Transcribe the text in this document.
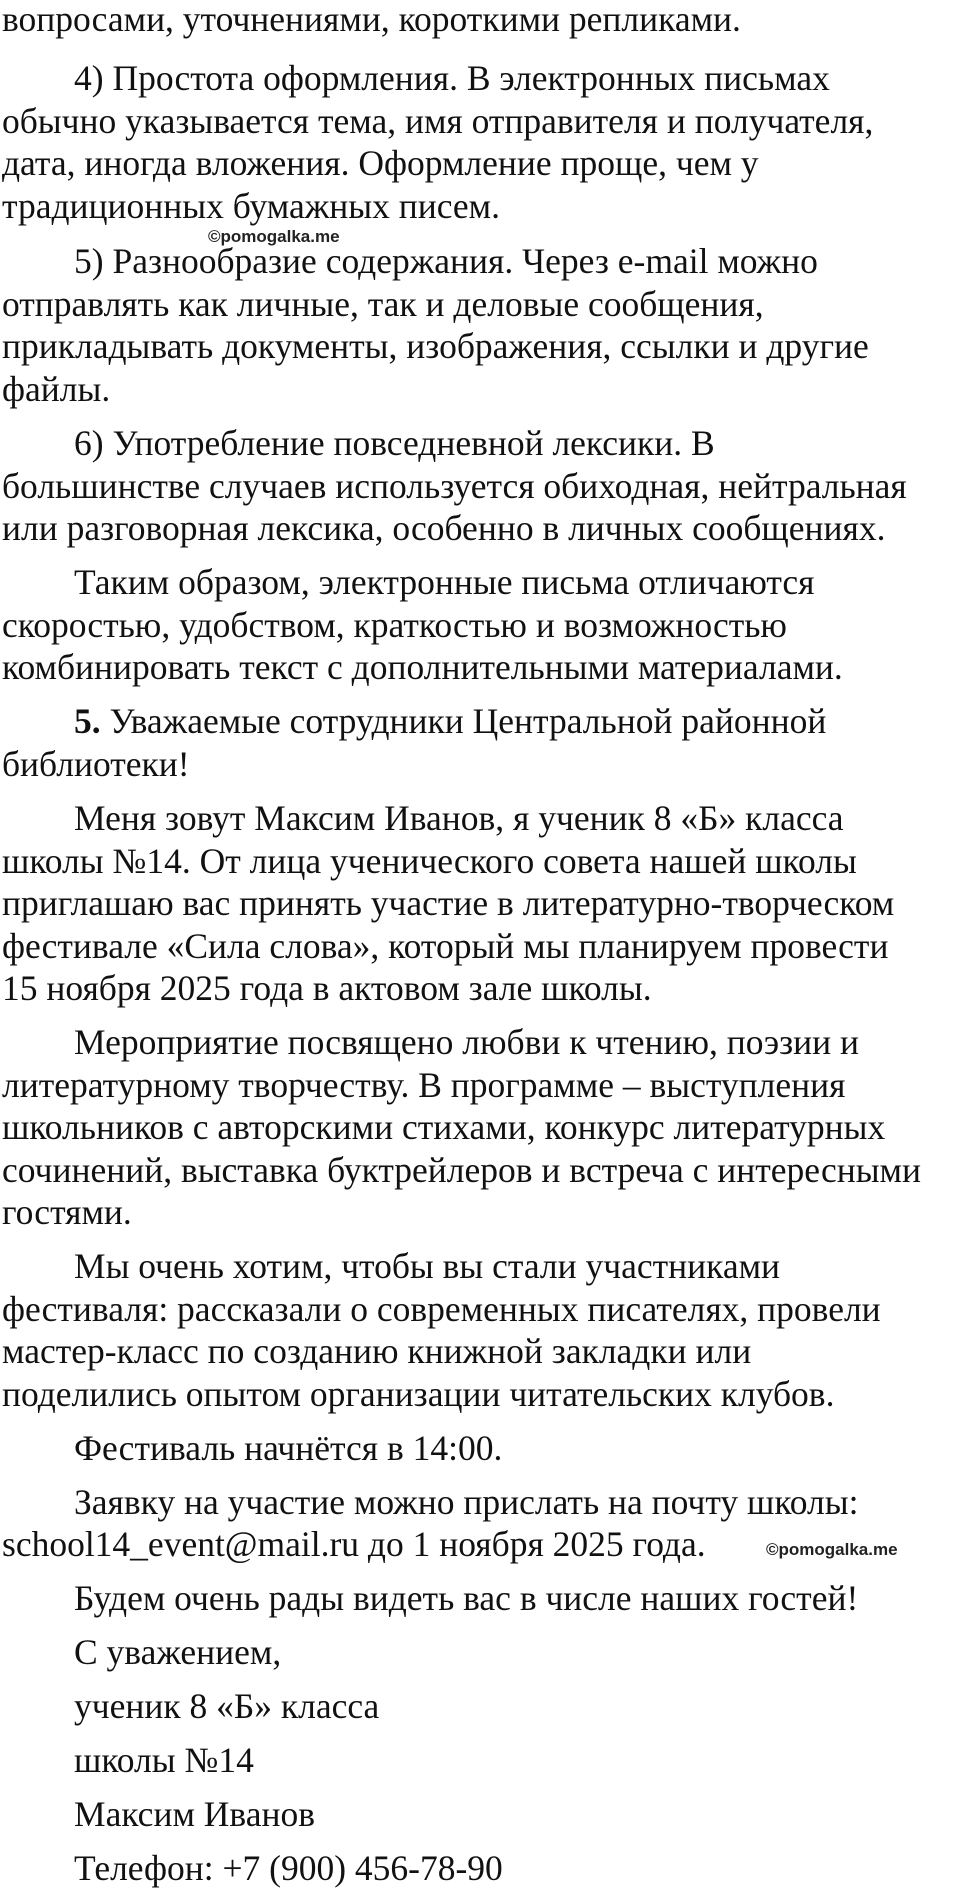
вопросами, уточнениями, короткими репликами.
4) Простота оформления. В электронных письмах
обычно указывается тема, имя отправителя и получателя,
дата, иногда вложения. Оформление проще, чем у
традиционных бумажных писем.
©pomogalka.me
5) Разнообразие содержания. Через e-mail можно
отправлять как личные, так и деловые сообщения,
прикладывать документы, изображения, ссылки и другие
файлы.
6) Употребление повседневной лексики. В
большинстве случаев используется обиходная, нейтральная
или разговорная лексика, особенно в личных сообщениях.
Таким образом, электронные письма отличаются
скоростью, удобством, краткостью и возможностью
комбинировать текст с дополнительными материалами.
5. Уважаемые сотрудники Центральной районной
библиотеки!
Меня зовут Максим Иванов, я ученик 8 «Б» класса
школы №14. От лица ученического совета нашей школы
приглашаю вас принять участие в литературно-творческом
фестивале «Сила слова», который мы планируем провести
15 ноября 2025 года в актовом зале школы.
Мероприятие посвящено любви к чтению, поэзии и
литературному творчеству. В программе – выступления
школьников с авторскими стихами, конкурс литературных
сочинений, выставка буктрейлеров и встреча с интересными
гостями.
Мы очень хотим, чтобы вы стали участниками
фестиваля: рассказали о современных писателях, провели
мастер-класс по созданию книжной закладки или
поделились опытом организации читательских клубов.
Фестиваль начнётся в 14:00.
Заявку на участие можно прислать на почту школы:
school14_event@mail.ru до 1 ноября 2025 года.	©pomogalka.me
Будем очень рады видеть вас в числе наших гостей!
С уважением,
ученик 8 «Б» класса
школы №14
Максим Иванов
Телефон: +7 (900) 456-78-90
